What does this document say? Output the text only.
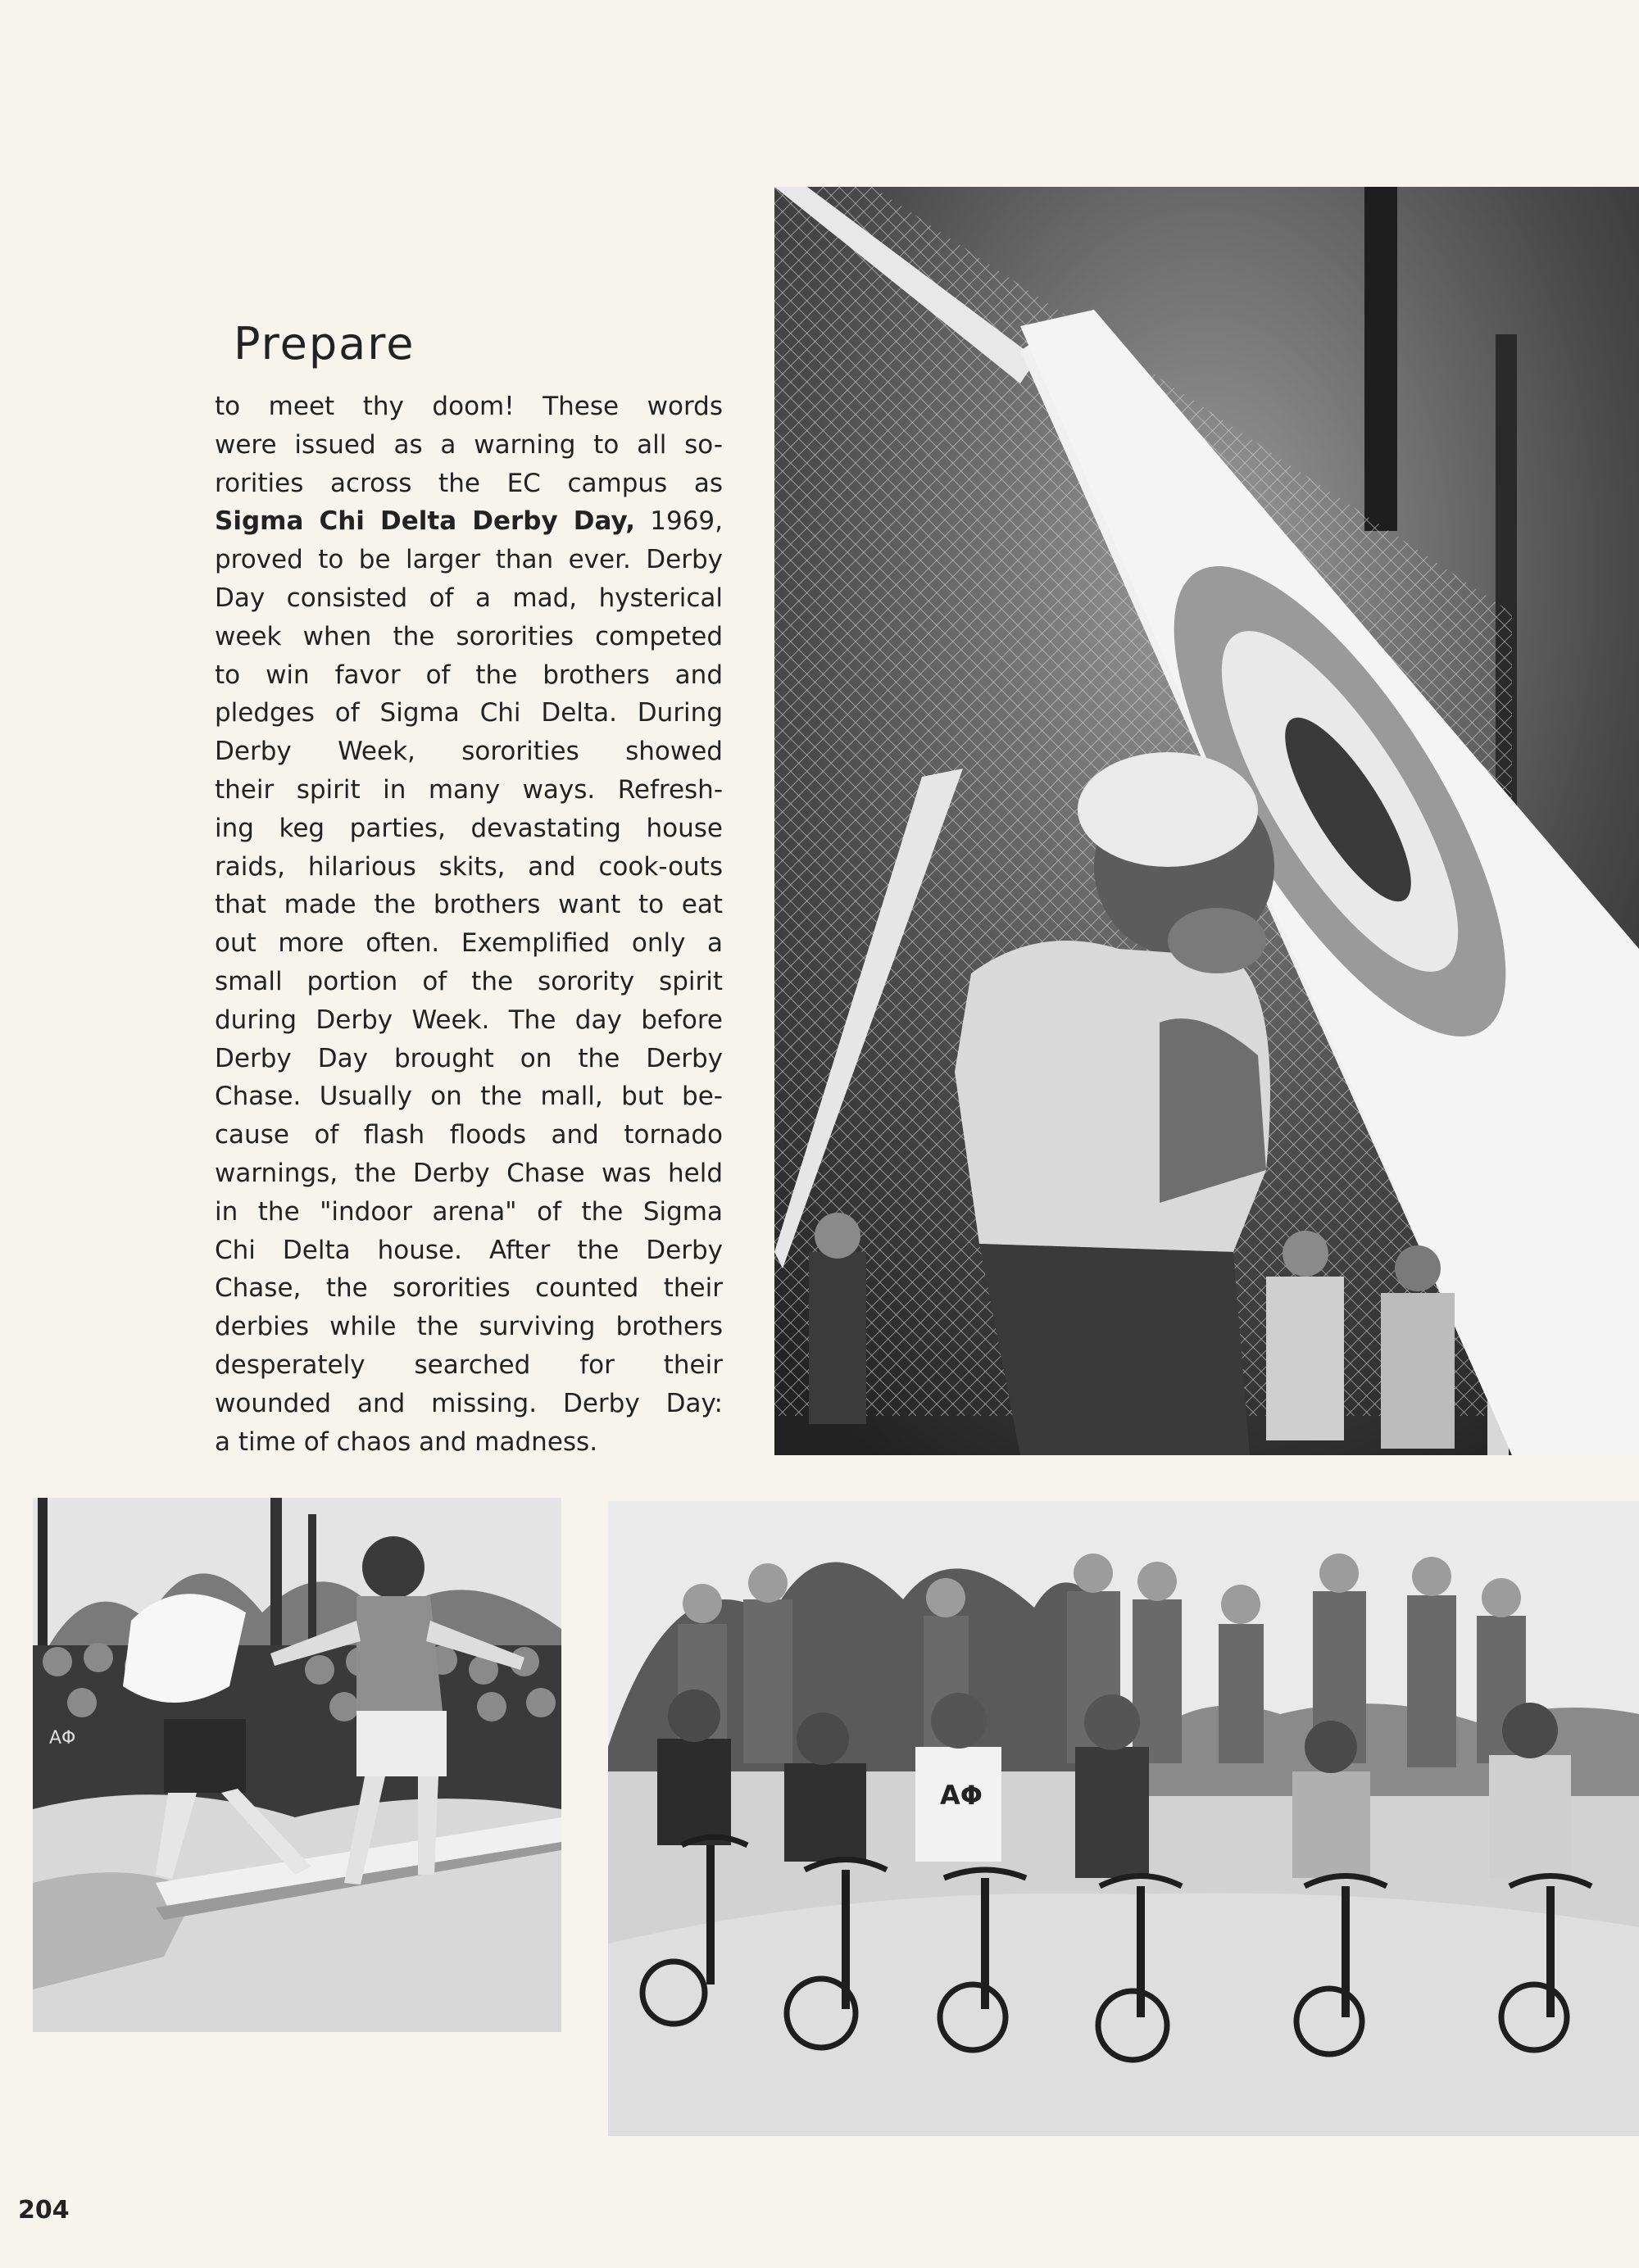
Prepare
to meet thy doom! These words
were issued as a warning to all so-
rorities across the EC campus as
Sigma Chi Delta Derby Day, 1969,
proved to be larger than ever. Derby
Day consisted of a mad, hysterical
week when the sororities competed
to win favor of the brothers and
pledges of Sigma Chi Delta. During
Derby Week, sororities showed
their spirit in many ways. Refresh-
ing keg parties, devastating house
raids, hilarious skits, and cook-outs
that made the brothers want to eat
out more often. Exemplified only a
small portion of the sorority spirit
during Derby Week. The day before
Derby Day brought on the Derby
Chase. Usually on the mall, but be-
cause of flash floods and tornado
warnings, the Derby Chase was held
in the "indoor arena" of the Sigma
Chi Delta house. After the Derby
Chase, the sororities counted their
derbies while the surviving brothers
desperately searched for their
wounded and missing. Derby Day:
a time of chaos and madness.
ΑΦ
ΑΦ
204
